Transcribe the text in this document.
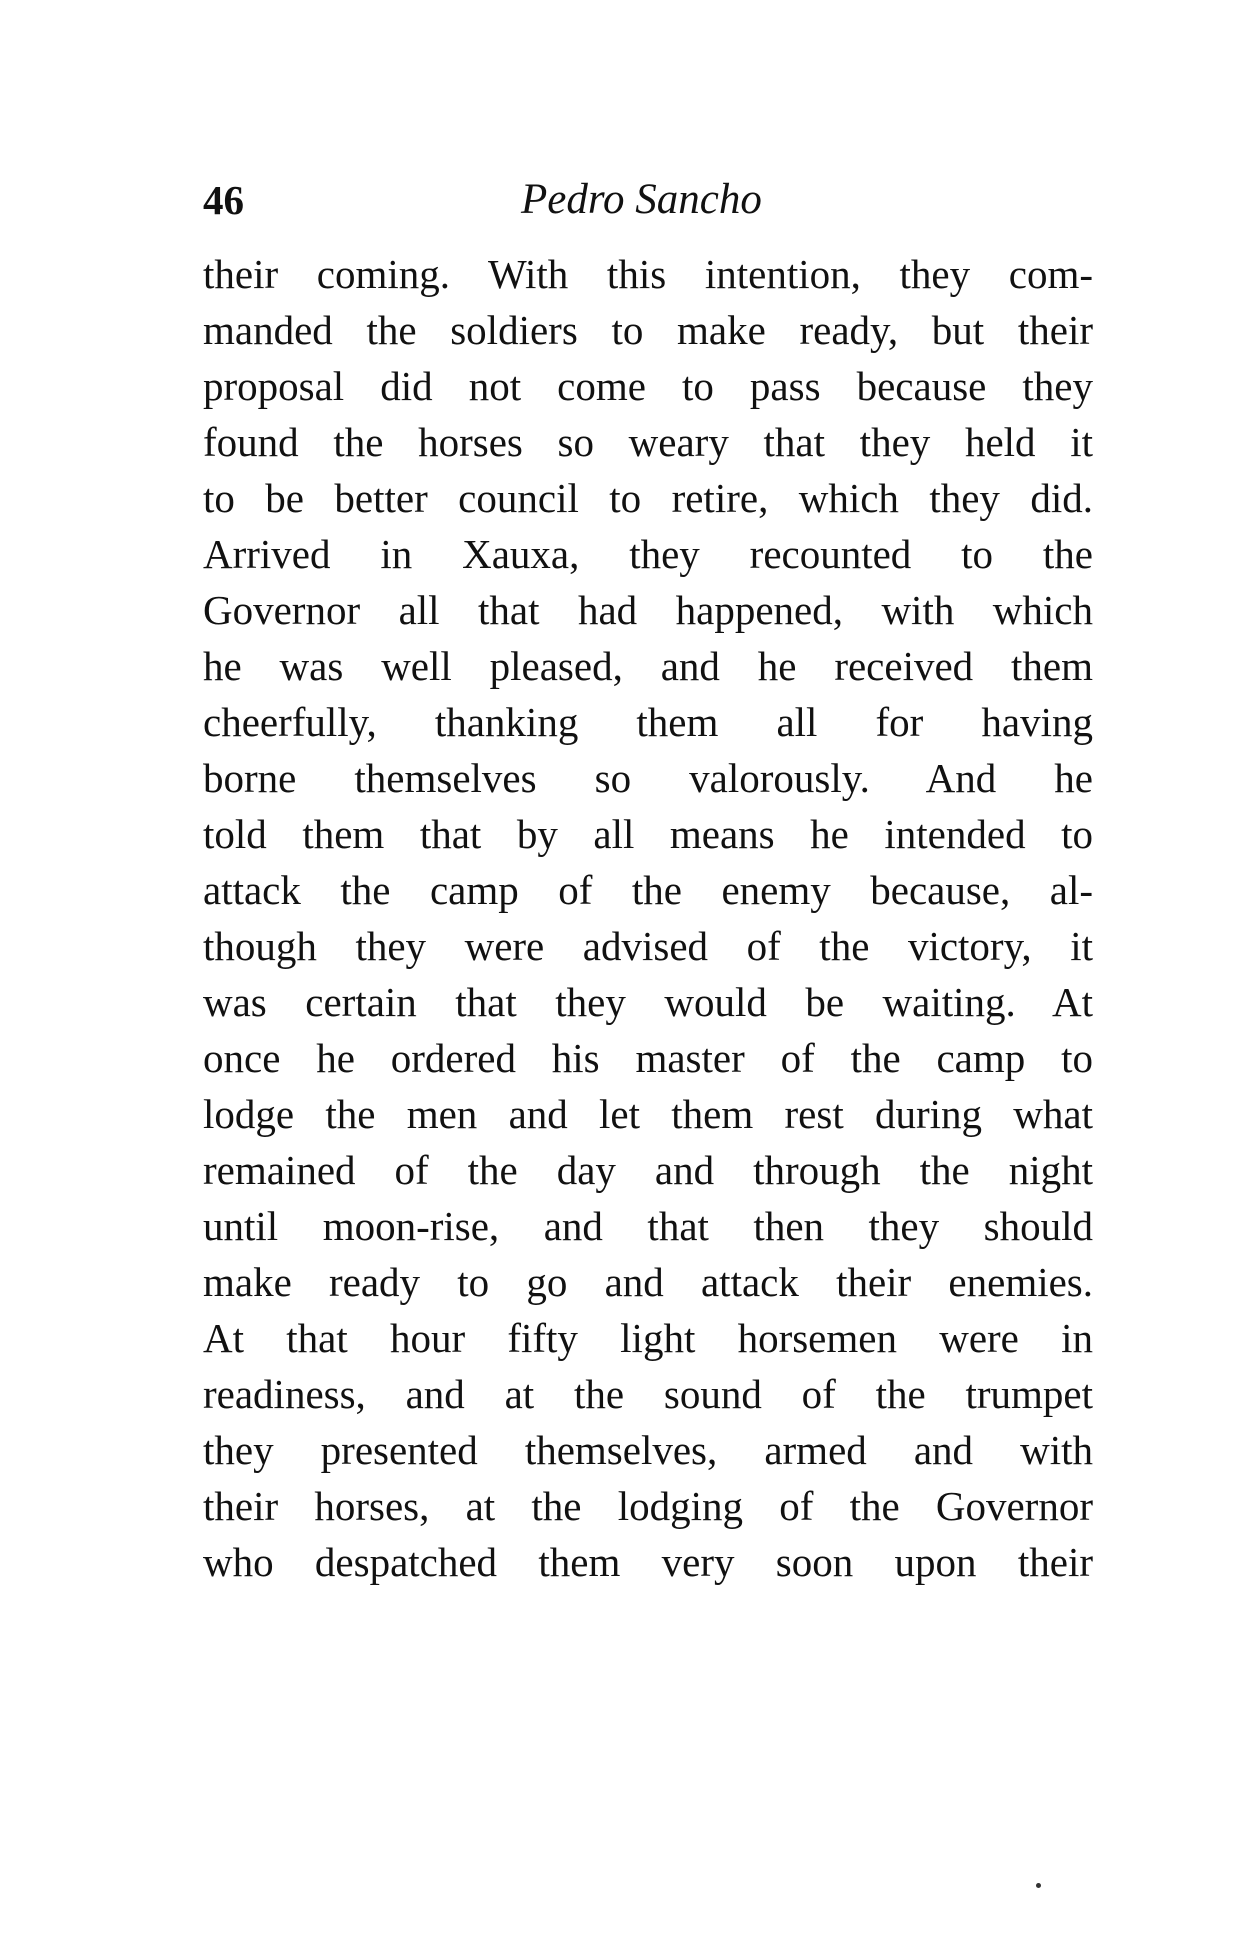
46	Pedro Sancho
their coming. With this intention, they com-
manded the soldiers to make ready, but their
proposal did not come to pass because they
found the horses so weary that they held it
to be better council to retire, which they did.
Arrived in Xauxa, they recounted to the
Governor all that had happened, with which
he was well pleased, and he received them
cheerfully, thanking them all for having
borne themselves so valorously. And he
told them that by all means he intended to
attack the camp of the enemy because, al-
though they were advised of the victory, it
was certain that they would be waiting. At
once he ordered his master of the camp to
lodge the men and let them rest during what
remained of the day and through the night
until moon-rise, and that then they should
make ready to go and attack their enemies.
At that hour fifty light horsemen were in
readiness, and at the sound of the trumpet
they presented themselves, armed and with
their horses, at the lodging of the Governor
who despatched them very soon upon their
